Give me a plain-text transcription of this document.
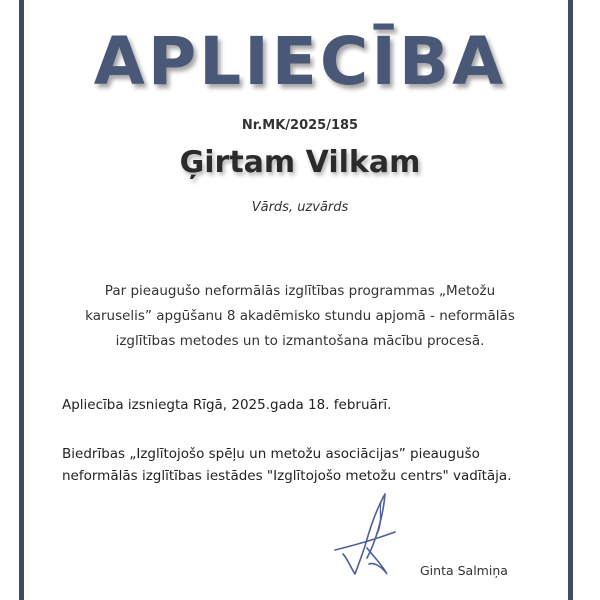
APLIECĪBA
Nr.MK/2025/185
Ģirtam Vilkam
Vārds, uzvārds
Par pieaugušo neformālās izglītības programmas „Metožu karuselis” apgūšanu 8 akadēmisko stundu apjomā - neformālās izglītības metodes un to izmantošana mācību procesā.
Apliecība izsniegta Rīgā, 2025.gada 18. februārī.
Biedrības „Izglītojošo spēļu un metožu asociācijas” pieaugušo neformālās izglītības iestādes "Izglītojošo metožu centrs" vadītāja.
Ginta Salmiņa
